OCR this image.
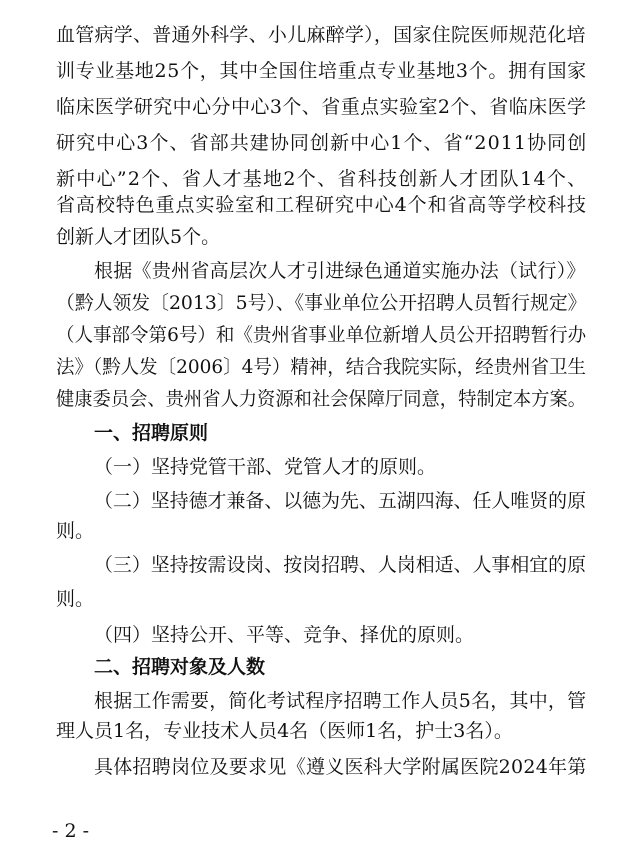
血管病学、普通外科学、小儿麻醉学），国家住院医师规范化培
训专业基地25个，其中全国住培重点专业基地3个。拥有国家
临床医学研究中心分中心3个、省重点实验室2个、省临床医学
研究中心3个、省部共建协同创新中心1个、省“2011协同创
新中心”2个、省人才基地2个、省科技创新人才团队14个、
省高校特色重点实验室和工程研究中心4个和省高等学校科技
创新人才团队5个。
根据《贵州省高层次人才引进绿色通道实施办法（试行）》
（黔人领发〔2013〕5号）、《事业单位公开招聘人员暂行规定》
（人事部令第6号）和《贵州省事业单位新增人员公开招聘暂行办
法》（黔人发〔2006〕4号）精神，结合我院实际，经贵州省卫生
健康委员会、贵州省人力资源和社会保障厅同意，特制定本方案。
一、招聘原则
（一）坚持党管干部、党管人才的原则。
（二）坚持德才兼备、以德为先、五湖四海、任人唯贤的原
则。
（三）坚持按需设岗、按岗招聘、人岗相适、人事相宜的原
则。
（四）坚持公开、平等、竞争、择优的原则。
二、招聘对象及人数
根据工作需要，简化考试程序招聘工作人员5名，其中，管
理人员1名，专业技术人员4名（医师1名，护士3名）。
具体招聘岗位及要求见《遵义医科大学附属医院2024年第
- 2 -
